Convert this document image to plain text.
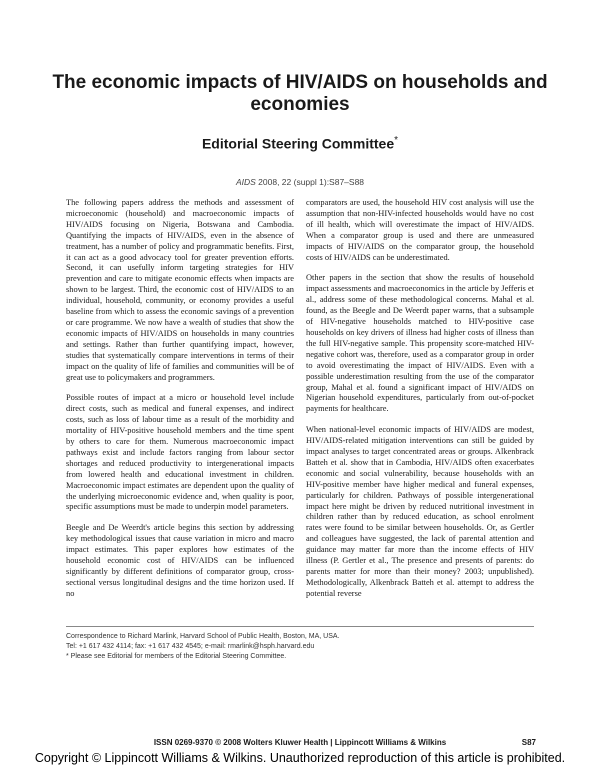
The economic impacts of HIV/AIDS on households and economies
Editorial Steering Committee*
AIDS 2008, 22 (suppl 1):S87–S88

The following papers address the methods and assessment of microeconomic (household) and macroeconomic impacts of HIV/AIDS focusing on Nigeria, Botswana and Cambodia. Quantifying the impacts of HIV/AIDS, even in the absence of treatment, has a number of policy and programmatic benefits. First, it can act as a good advocacy tool for greater prevention efforts. Second, it can usefully inform targeting strategies for HIV prevention and care to mitigate economic effects when impacts are shown to be largest. Third, the economic cost of HIV/AIDS to an individual, household, community, or economy provides a useful baseline from which to assess the economic savings of a prevention or care programme. We now have a wealth of studies that show the economic impacts of HIV/AIDS on households in many countries and settings. Rather than further quantifying impact, however, studies that systematically compare interventions in terms of their impact on the quality of life of families and communities will be of great use to policymakers and programmers.

Possible routes of impact at a micro or household level include direct costs, such as medical and funeral expenses, and indirect costs, such as loss of labour time as a result of the morbidity and mortality of HIV-positive household members and the time spent by others to care for them. Numerous macroeconomic impact pathways exist and include factors ranging from labour sector shortages and reduced productivity to intergenerational impacts from lowered health and educational investment in children. Macroeconomic impact estimates are dependent upon the quality of the underlying microeconomic evidence and, when quality is poor, specific assumptions must be made to underpin model parameters.

Beegle and De Weerdt's article begins this section by addressing key methodological issues that cause variation in micro and macro impact estimates. This paper explores how estimates of the household economic cost of HIV/AIDS can be influenced significantly by different definitions of comparator group, cross-sectional versus longitudinal designs and the time horizon used. If no

comparators are used, the household HIV cost analysis will use the assumption that non-HIV-infected households would have no cost of ill health, which will overestimate the impact of HIV/AIDS. When a comparator group is used and there are unmeasured impacts of HIV/AIDS on the comparator group, the household costs of HIV/AIDS can be underestimated.

Other papers in the section that show the results of household impact assessments and macroeconomics in the article by Jefferis et al., address some of these methodological concerns. Mahal et al. found, as the Beegle and De Weerdt paper warns, that a subsample of HIV-negative households matched to HIV-positive case households on key drivers of illness had higher costs of illness than the full HIV-negative sample. This propensity score-matched HIV-negative cohort was, therefore, used as a comparator group in order to avoid overestimating the impact of HIV/AIDS. Even with a possible underestimation resulting from the use of the comparator group, Mahal et al. found a significant impact of HIV/AIDS on Nigerian household expenditures, particularly from out-of-pocket payments for healthcare.

When national-level economic impacts of HIV/AIDS are modest, HIV/AIDS-related mitigation interventions can still be guided by impact analyses to target concentrated areas or groups. Alkenbrack Batteh et al. show that in Cambodia, HIV/AIDS often exacerbates economic and social vulnerability, because households with an HIV-positive member have higher medical and funeral expenses, particularly for children. Pathways of possible intergenerational impact here might be driven by reduced nutritional investment in children rather than by reduced education, as school enrolment rates were found to be similar between households. Or, as Gertler and colleagues have suggested, the lack of parental attention and guidance may matter far more than the income effects of HIV illness (P. Gertler et al., The presence and presents of parents: do parents matter for more than their money? 2003; unpublished). Methodologically, Alkenbrack Batteh et al. attempt to address the potential reverse

Correspondence to Richard Marlink, Harvard School of Public Health, Boston, MA, USA.
Tel: +1 617 432 4114; fax: +1 617 432 4545; e-mail: rmarlink@hsph.harvard.edu
* Please see Editorial for members of the Editorial Steering Committee.
ISSN 0269-9370 © 2008 Wolters Kluwer Health | Lippincott Williams & Wilkins	S87
Copyright © Lippincott Williams & Wilkins. Unauthorized reproduction of this article is prohibited.
